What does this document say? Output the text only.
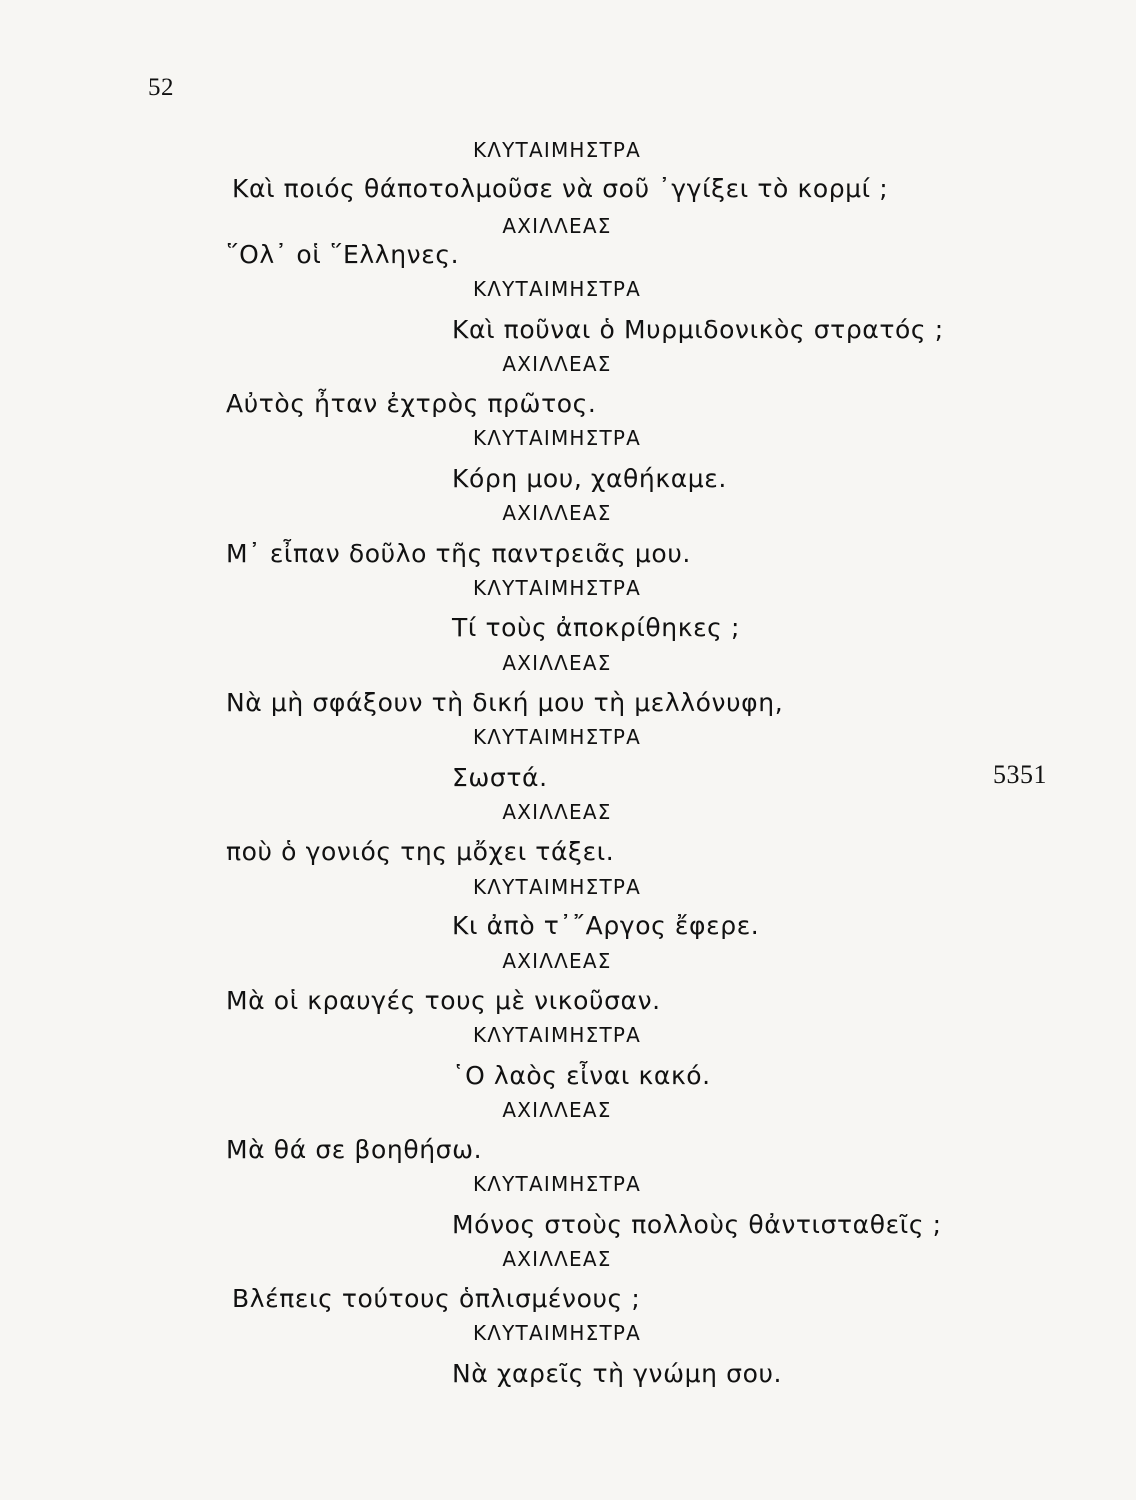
52
5351
ΚΛΥΤΑΙΜΗΣΤΡΑ
Καὶ ποιός θάποτολμοῦσε νὰ σοῦ ᾿γγίξει τὸ κορμί ;
ΑΧΙΛΛΕΑΣ
῞Ολ᾿ οἱ ῞Ελληνες.
ΚΛΥΤΑΙΜΗΣΤΡΑ
Καὶ ποῦναι ὁ Μυρμιδονικὸς στρατός ;
ΑΧΙΛΛΕΑΣ
Αὐτὸς ἦταν ἐχτρὸς πρῶτος.
ΚΛΥΤΑΙΜΗΣΤΡΑ
Κόρη μου, χαθήκαμε.
ΑΧΙΛΛΕΑΣ
Μ᾿ εἶπαν δοῦλο τῆς παντρειᾶς μου.
ΚΛΥΤΑΙΜΗΣΤΡΑ
Τί τοὺς ἀποκρίθηκες ;
ΑΧΙΛΛΕΑΣ
Νὰ μὴ σφάξουν τὴ δική μου τὴ μελλόνυφη,
ΚΛΥΤΑΙΜΗΣΤΡΑ
Σωστά.
ΑΧΙΛΛΕΑΣ
ποὺ ὁ γονιός της μὄχει τάξει.
ΚΛΥΤΑΙΜΗΣΤΡΑ
Κι ἀπὸ τ᾿῎Αργος ἔφερε.
ΑΧΙΛΛΕΑΣ
Μὰ οἱ κραυγές τους μὲ νικοῦσαν.
ΚΛΥΤΑΙΜΗΣΤΡΑ
῾Ο λαὸς εἶναι κακό.
ΑΧΙΛΛΕΑΣ
Μὰ θά σε βοηθήσω.
ΚΛΥΤΑΙΜΗΣΤΡΑ
Μόνος στοὺς πολλοὺς θἀντισταθεῖς ;
ΑΧΙΛΛΕΑΣ
Βλέπεις τούτους ὁπλισμένους ;
ΚΛΥΤΑΙΜΗΣΤΡΑ
Νὰ χαρεῖς τὴ γνώμη σου.
